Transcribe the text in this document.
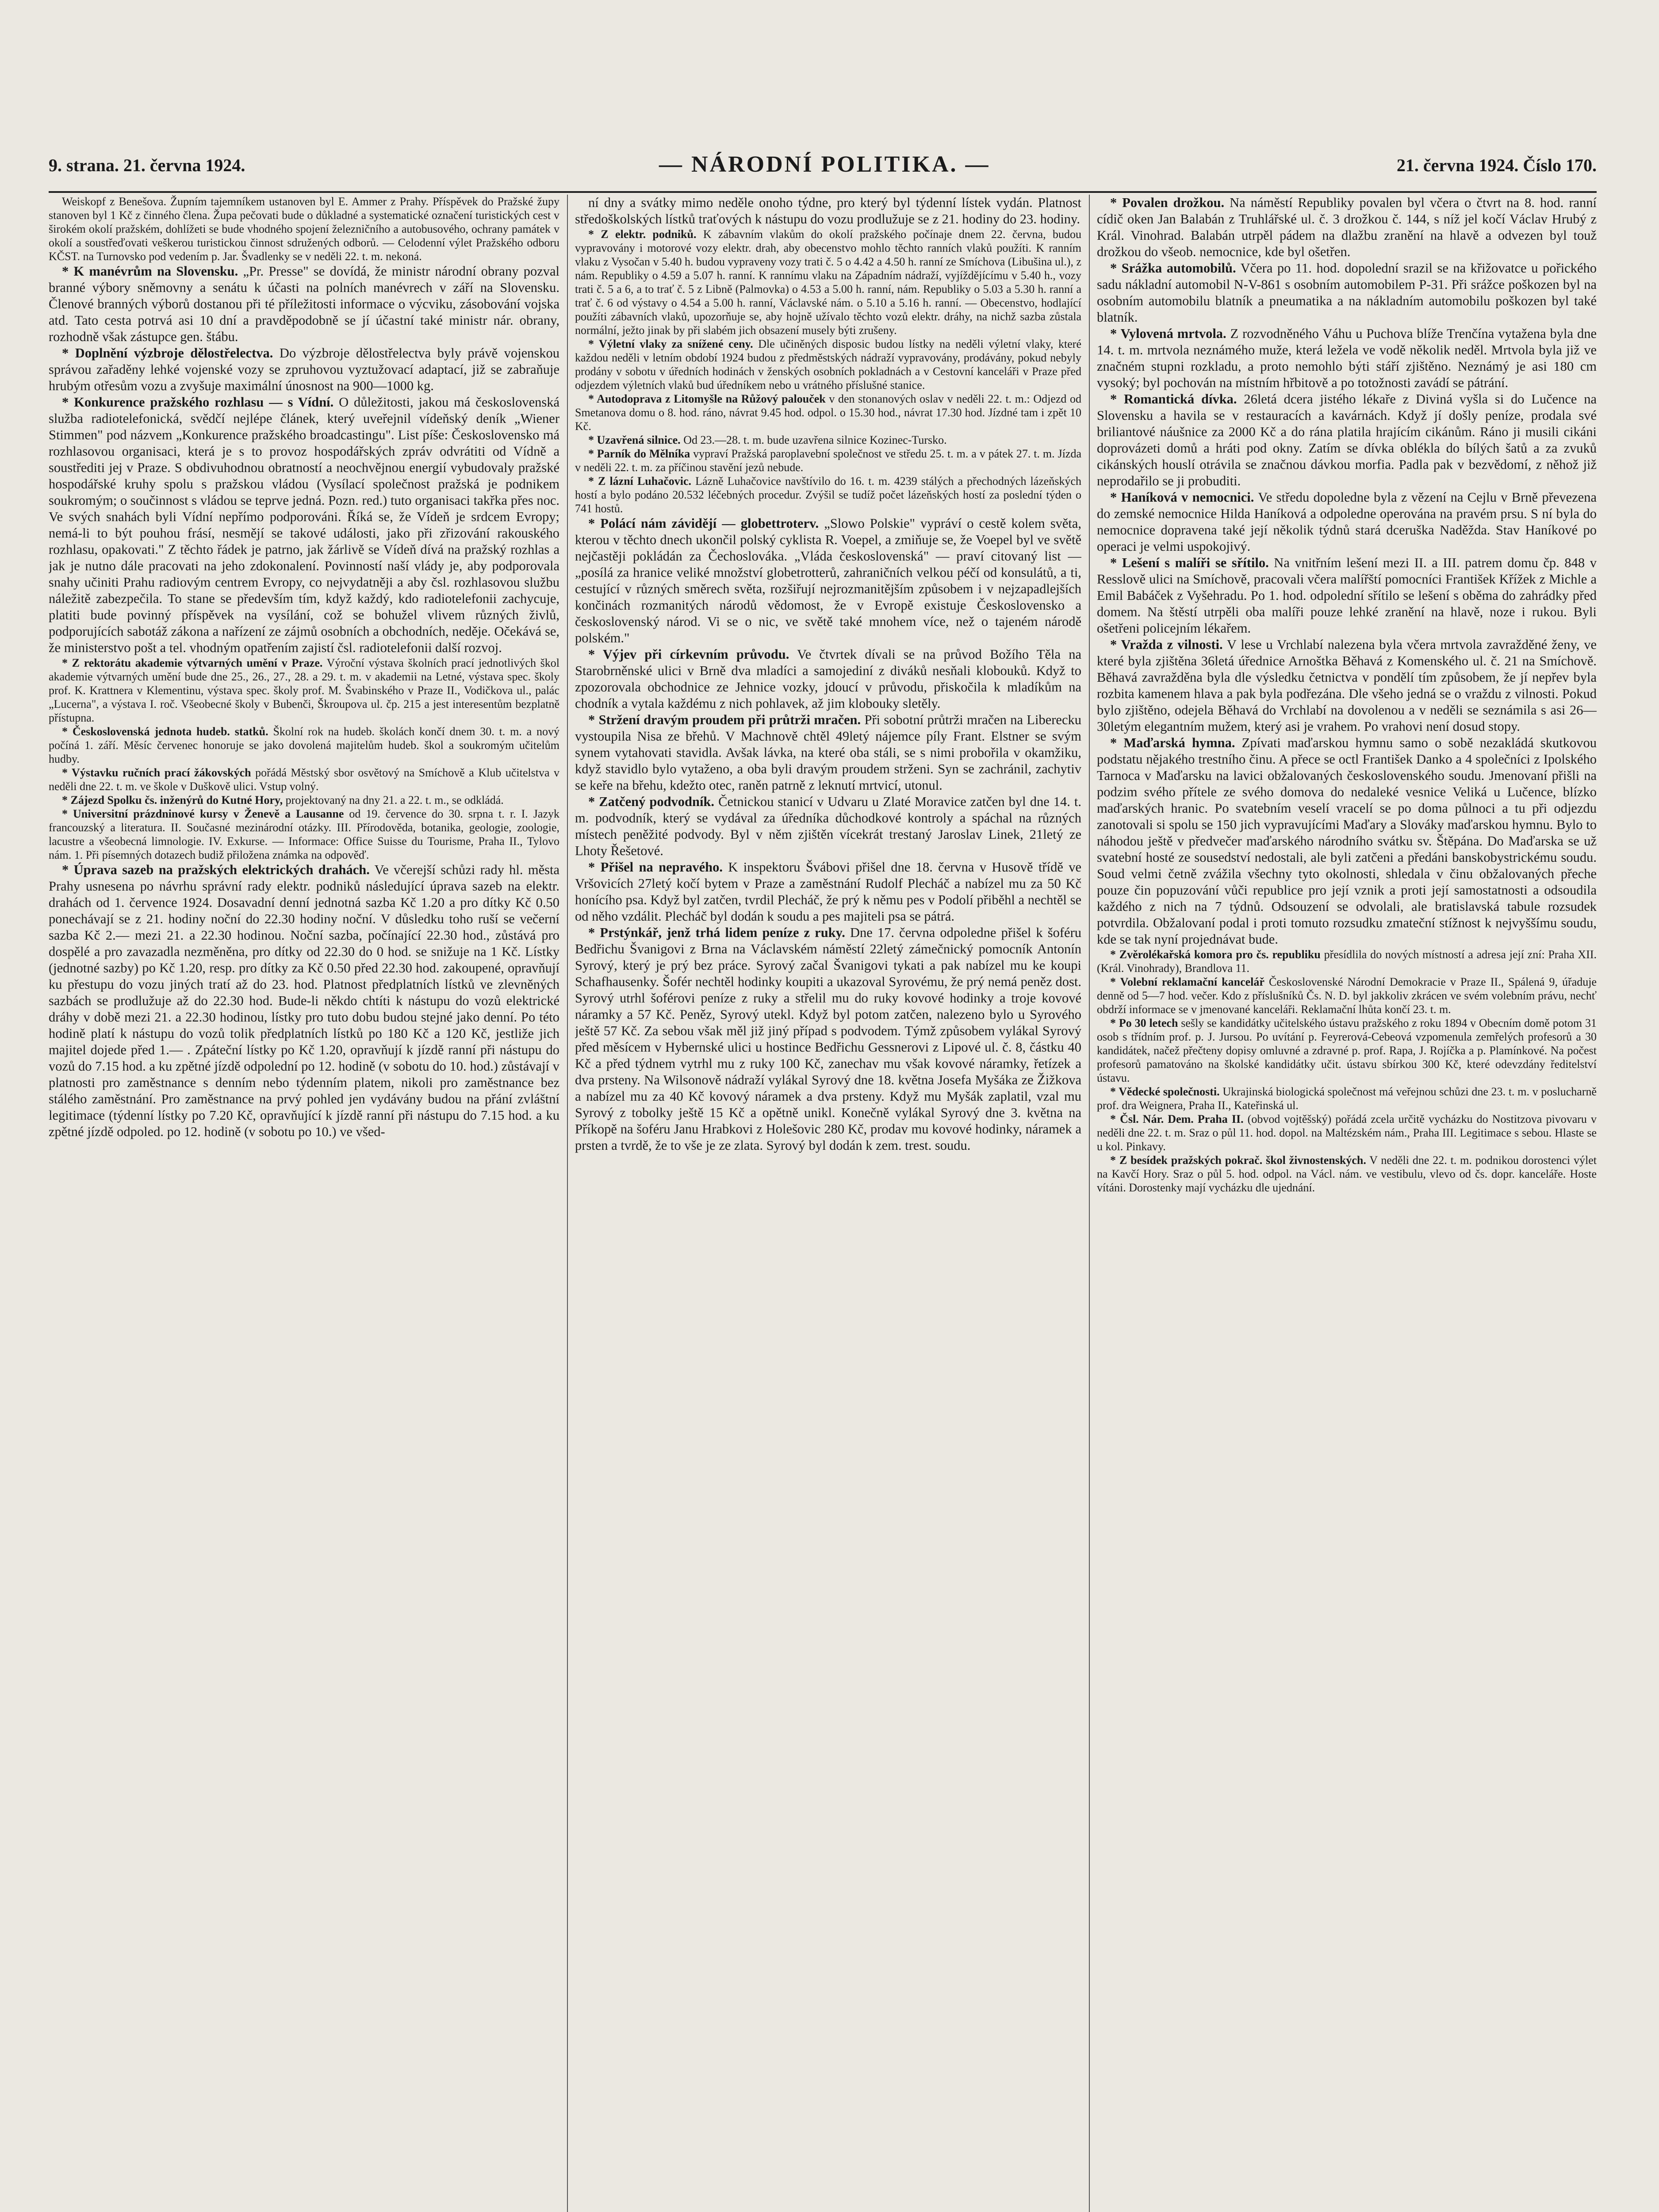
9. strana. 21. června 1924.	— NÁRODNÍ POLITIKA. —	21. června 1924. Číslo 170.

Weiskopf z Benešova. Župním tajemníkem ustanoven byl E. Ammer z Prahy. Příspěvek do Pražské župy stanoven byl 1 Kč z činného člena. Župa pečovati bude o důkladné a systematické označení turistických cest v širokém okolí pražském, dohlížeti se bude vhodného spojení železničního a autobusového, ochrany památek v okolí a soustřeďovati veškerou turistickou činnost sdružených odborů. — Celodenní výlet Pražského odboru KČST. na Turnovsko pod vedením p. Jar. Švadlenky se v neděli 22. t. m. nekoná.

* K manévrům na Slovensku. „Pr. Presse" se dovídá, že ministr národní obrany pozval branné výbory sněmovny a senátu k účasti na polních manévrech v září na Slovensku. Členové branných výborů dostanou při té příležitosti informace o výcviku, zásobování vojska atd. Tato cesta potrvá asi 10 dní a pravděpodobně se jí účastní také ministr nár. obrany, rozhodně však zástupce gen. štábu.

* Doplnění výzbroje dělostřelectva. Do výzbroje dělostřelectva byly právě vojenskou správou zařaděny lehké vojenské vozy se zpruhovou vyztužovací adaptací, již se zabraňuje hrubým otřesům vozu a zvyšuje maximální únosnost na 900—1000 kg.

* Konkurence pražského rozhlasu — s Vídní. O důležitosti, jakou má československá služba radiotelefonická, svědčí nejlépe článek, který uveřejnil vídeňský deník „Wiener Stimmen" pod názvem „Konkurence pražského broadcastingu". List píše: Československo má rozhlasovou organisaci, která je s to provoz hospodářských zpráv odvrátiti od Vídně a soustřediti jej v Praze. S obdivuhodnou obratností a neochvějnou energií vybudovaly pražské hospodářské kruhy spolu s pražskou vládou (Vysílací společnost pražská je podnikem soukromým; o součinnost s vládou se teprve jedná. Pozn. red.) tuto organisaci takřka přes noc. Ve svých snahách byli Vídní nepřímo podporováni. Říká se, že Vídeň je srdcem Evropy; nemá-li to být pouhou frásí, nesmějí se takové události, jako při zřizování rakouského rozhlasu, opakovati." Z těchto řádek je patrno, jak žárlivě se Vídeň dívá na pražský rozhlas a jak je nutno dále pracovati na jeho zdokonalení. Povinností naší vlády je, aby podporovala snahy učiniti Prahu radiovým centrem Evropy, co nejvydatněji a aby čsl. rozhlasovou službu náležitě zabezpečila. To stane se především tím, když každý, kdo radiotelefonii zachycuje, platiti bude povinný příspěvek na vysílání, což se bohužel vlivem různých živlů, podporujících sabotáž zákona a nařízení ze zájmů osobních a obchodních, neděje. Očekává se, že ministerstvo pošt a tel. vhodným opatřením zajistí čsl. radiotelefonii další rozvoj.

* Z rektorátu akademie výtvarných umění v Praze. Výroční výstava školních prací jednotlivých škol akademie výtvarných umění bude dne 25., 26., 27., 28. a 29. t. m. v akademii na Letné, výstava spec. školy prof. K. Krattnera v Klementinu, výstava spec. školy prof. M. Švabinského v Praze II., Vodičkova ul., palác „Lucerna", a výstava I. roč. Všeobecné školy v Bubenči, Škroupova ul. čp. 215 a jest interesentům bezplatně přístupna.

* Československá jednota hudeb. statků. Školní rok na hudeb. školách končí dnem 30. t. m. a nový počíná 1. září. Měsíc červenec honoruje se jako dovolená majitelům hudeb. škol a soukromým učitelům hudby.

* Výstavku ručních prací žákovských pořádá Městský sbor osvětový na Smíchově a Klub učitelstva v neděli dne 22. t. m. ve škole v Duškově ulici. Vstup volný.

* Zájezd Spolku čs. inženýrů do Kutné Hory, projektovaný na dny 21. a 22. t. m., se odkládá.

* Universitní prázdninové kursy v Ženevě a Lausanne od 19. července do 30. srpna t. r. I. Jazyk francouzský a literatura. II. Současné mezinárodní otázky. III. Přírodověda, botanika, geologie, zoologie, lacustre a všeobecná limnologie. IV. Exkurse. — Informace: Office Suisse du Tourisme, Praha II., Tylovo nám. 1. Při písemných dotazech budiž přiložena známka na odpověď.

* Úprava sazeb na pražských elektrických drahách. Ve včerejší schůzi rady hl. města Prahy usnesena po návrhu správní rady elektr. podniků následující úprava sazeb na elektr. drahách od 1. července 1924. Dosavadní denní jednotná sazba Kč 1.20 a pro dítky Kč 0.50 ponechávají se z 21. hodiny noční do 22.30 hodiny noční. V důsledku toho ruší se večerní sazba Kč 2.— mezi 21. a 22.30 hodinou. Noční sazba, počínající 22.30 hod., zůstává pro dospělé a pro zavazadla nezměněna, pro dítky od 22.30 do 0 hod. se snižuje na 1 Kč. Lístky (jednotné sazby) po Kč 1.20, resp. pro dítky za Kč 0.50 před 22.30 hod. zakoupené, opravňují ku přestupu do vozu jiných tratí až do 23. hod. Platnost předplatních lístků ve zlevněných sazbách se prodlužuje až do 22.30 hod. Bude-li někdo chtíti k nástupu do vozů elektrické dráhy v době mezi 21. a 22.30 hodinou, lístky pro tuto dobu budou stejné jako denní. Po této hodině platí k nástupu do vozů tolik předplatních lístků po 180 Kč a 120 Kč, jestliže jich majitel dojede před 1.— . Zpáteční lístky po Kč 1.20, opravňují k jízdě ranní při nástupu do vozů do 7.15 hod. a ku zpětné jízdě odpolední po 12. hodině (v sobotu do 10. hod.) zůstávají v platnosti pro zaměstnance s denním nebo týdenním platem, nikoli pro zaměstnance bez stálého zaměstnání. Pro zaměstnance na prvý pohled jen vydávány budou na přání zvláštní legitimace (týdenní lístky po 7.20 Kč, opravňující k jízdě ranní při nástupu do 7.15 hod. a ku zpětné jízdě odpoled. po 12. hodině (v sobotu po 10.) ve všed-

ní dny a svátky mimo neděle onoho týdne, pro který byl týdenní lístek vydán. Platnost středoškolských lístků traťových k nástupu do vozu prodlužuje se z 21. hodiny do 23. hodiny.

* Z elektr. podniků. K zábavním vlakům do okolí pražského počínaje dnem 22. června, budou vypravovány i motorové vozy elektr. drah, aby obecenstvo mohlo těchto ranních vlaků použíti. K ranním vlaku z Vysočan v 5.40 h. budou vypraveny vozy trati č. 5 o 4.42 a 4.50 h. ranní ze Smíchova (Libušina ul.), z nám. Republiky o 4.59 a 5.07 h. ranní. K rannímu vlaku na Západním nádraží, vyjíždějícímu v 5.40 h., vozy trati č. 5 a 6, a to trať č. 5 z Libně (Palmovka) o 4.53 a 5.00 h. ranní, nám. Republiky o 5.03 a 5.30 h. ranní a trať č. 6 od výstavy o 4.54 a 5.00 h. ranní, Václavské nám. o 5.10 a 5.16 h. ranní. — Obecenstvo, hodlající použíti zábavních vlaků, upozorňuje se, aby hojně užívalo těchto vozů elektr. dráhy, na nichž sazba zůstala normální, ježto jinak by při slabém jich obsazení musely býti zrušeny.

* Výletní vlaky za snížené ceny. Dle učiněných disposic budou lístky na neděli výletní vlaky, které každou neděli v letním období 1924 budou z předměstských nádraží vypravovány, prodávány, pokud nebyly prodány v sobotu v úředních hodinách v ženských osobních pokladnách a v Cestovní kanceláři v Praze před odjezdem výletních vlaků bud úředníkem nebo u vrátného příslušné stanice.

* Autodoprava z Litomyšle na Růžový palouček v den stonanových oslav v neděli 22. t. m.: Odjezd od Smetanova domu o 8. hod. ráno, návrat 9.45 hod. odpol. o 15.30 hod., návrat 17.30 hod. Jízdné tam i zpět 10 Kč.

* Uzavřená silnice. Od 23.—28. t. m. bude uzavřena silnice Kozinec-Tursko.

* Parník do Mělníka vypraví Pražská paroplavební společnost ve středu 25. t. m. a v pátek 27. t. m. Jízda v neděli 22. t. m. za příčinou stavění jezů nebude.

* Z lázní Luhačovic. Lázně Luhačovice navštívilo do 16. t. m. 4239 stálých a přechodných lázeňských hostí a bylo podáno 20.532 léčebných procedur. Zvýšil se tudíž počet lázeňských hostí za poslední týden o 741 hostů.

* Polácí nám závidějí — globettroterv. „Slowo Polskie" vypráví o cestě kolem světa, kterou v těchto dnech ukončil polský cyklista R. Voepel, a zmiňuje se, že Voepel byl ve světě nejčastěji pokládán za Čechoslováka. „Vláda československá" — praví citovaný list — „posílá za hranice veliké množství globetrotterů, zahraničních velkou péčí od konsulátů, a ti, cestující v různých směrech světa, rozšiřují nejrozmanitějším způsobem i v nejzapadlejších končinách rozmanitých národů vědomost, že v Evropě existuje Československo a československý národ. Vi se o nic, ve světě také mnohem více, než o tajeném národě polském."

* Výjev při církevním průvodu. Ve čtvrtek dívali se na průvod Božího Těla na Starobrněnské ulici v Brně dva mladíci a samojediní z diváků nesňali klobouků. Když to zpozorovala obchodnice ze Jehnice vozky, jdoucí v průvodu, přiskočila k mladíkům na chodník a vytala každému z nich pohlavek, až jim klobouky sletěly.

* Stržení dravým proudem při průtrži mračen. Při sobotní průtrži mračen na Liberecku vystoupila Nisa ze břehů. V Machnově chtěl 49letý nájemce píly Frant. Elstner se svým synem vytahovati stavidla. Avšak lávka, na které oba stáli, se s nimi probořila v okamžiku, když stavidlo bylo vytaženo, a oba byli dravým proudem strženi. Syn se zachránil, zachytiv se keře na břehu, kdežto otec, raněn patrně z leknutí mrtvicí, utonul.

* Zatčený podvodník. Četnickou stanicí v Udvaru u Zlaté Moravice zatčen byl dne 14. t. m. podvodník, který se vydával za úředníka důchodkové kontroly a spáchal na různých místech peněžité podvody. Byl v něm zjištěn vícekrát trestaný Jaroslav Linek, 21letý ze Lhoty Řešetové.

* Přišel na nepravého. K inspektoru Švábovi přišel dne 18. června v Husově třídě ve Vršovicích 27letý kočí bytem v Praze a zaměstnání Rudolf Plecháč a nabízel mu za 50 Kč honícího psa. Když byl zatčen, tvrdil Plecháč, že prý k němu pes v Podolí přiběhl a nechtěl se od něho vzdálit. Plecháč byl dodán k soudu a pes majiteli psa se pátrá.

* Prstýnkář, jenž trhá lidem peníze z ruky. Dne 17. června odpoledne přišel k šoféru Bedřichu Švanigovi z Brna na Václavském náměstí 22letý zámečnický pomocník Antonín Syrový, který je prý bez práce. Syrový začal Švanigovi tykati a pak nabízel mu ke koupi Schafhausenky. Šofér nechtěl hodinky koupiti a ukazoval Syrovému, že prý nemá peněz dost. Syrový utrhl šoférovi peníze z ruky a střelil mu do ruky kovové hodinky a troje kovové náramky a 57 Kč. Peněz, Syrový utekl. Když byl potom zatčen, nalezeno bylo u Syrového ještě 57 Kč. Za sebou však měl již jiný případ s podvodem. Týmž způsobem vylákal Syrový před měsícem v Hybernské ulici u hostince Bedřichu Gessnerovi z Lipové ul. č. 8, částku 40 Kč a před týdnem vytrhl mu z ruky 100 Kč, zanechav mu však kovové náramky, řetízek a dva prsteny. Na Wilsonově nádraží vylákal Syrový dne 18. května Josefa Myšáka ze Žižkova a nabízel mu za 40 Kč kovový náramek a dva prsteny. Když mu Myšák zaplatil, vzal mu Syrový z tobolky ještě 15 Kč a opětně unikl. Konečně vylákal Syrový dne 3. května na Příkopě na šoféru Janu Hrabkovi z Holešovic 280 Kč, prodav mu kovové hodinky, náramek a prsten a tvrdě, že to vše je ze zlata. Syrový byl dodán k zem. trest. soudu.

* Povalen drožkou. Na náměstí Republiky povalen byl včera o čtvrt na 8. hod. ranní cídič oken Jan Balabán z Truhlářské ul. č. 3 drožkou č. 144, s níž jel kočí Václav Hrubý z Král. Vinohrad. Balabán utrpěl pádem na dlažbu zranění na hlavě a odvezen byl touž drožkou do všeob. nemocnice, kde byl ošetřen.

* Srážka automobilů. Včera po 11. hod. dopolední srazil se na křižovatce u pořického sadu nákladní automobil N-V-861 s osobním automobilem P-31. Při srážce poškozen byl na osobním automobilu blatník a pneumatika a na nákladním automobilu poškozen byl také blatník.

* Vylovená mrtvola. Z rozvodněného Váhu u Puchova blíže Trenčína vytažena byla dne 14. t. m. mrtvola neznámého muže, která ležela ve vodě několik neděl. Mrtvola byla již ve značném stupni rozkladu, a proto nemohlo býti stáří zjištěno. Neznámý je asi 180 cm vysoký; byl pochován na místním hřbitově a po totožnosti zavádí se pátrání.

* Romantická dívka. 26letá dcera jistého lékaře z Diviná vyšla si do Lučence na Slovensku a havila se v restauracích a kavárnách. Když jí došly peníze, prodala své briliantové náušnice za 2000 Kč a do rána platila hrajícím cikánům. Ráno ji musili cikáni doprovázeti domů a hráti pod okny. Zatím se dívka oblékla do bílých šatů a za zvuků cikánských houslí otrávila se značnou dávkou morfia. Padla pak v bezvědomí, z něhož již neprodařilo se ji probuditi.

* Haníková v nemocnici. Ve středu dopoledne byla z vězení na Cejlu v Brně převezena do zemské nemocnice Hilda Haníková a odpoledne operována na pravém prsu. S ní byla do nemocnice dopravena také její několik týdnů stará dceruška Naděžda. Stav Haníkové po operaci je velmi uspokojivý.

* Lešení s malíři se sřítilo. Na vnitřním lešení mezi II. a III. patrem domu čp. 848 v Resslově ulici na Smíchově, pracovali včera malířští pomocníci František Křížek z Michle a Emil Babáček z Vyšehradu. Po 1. hod. odpolední sřítilo se lešení s oběma do zahrádky před domem. Na štěstí utrpěli oba malíři pouze lehké zranění na hlavě, noze i rukou. Byli ošetřeni policejním lékařem.

* Vražda z vilnosti. V lese u Vrchlabí nalezena byla včera mrtvola zavražděné ženy, ve které byla zjištěna 36letá úřednice Arnoštka Běhavá z Komenského ul. č. 21 na Smíchově. Běhavá zavražděna byla dle výsledku četnictva v pondělí tím způsobem, že jí nepřev byla rozbita kamenem hlava a pak byla podřezána. Dle všeho jedná se o vraždu z vilnosti. Pokud bylo zjištěno, odejela Běhavá do Vrchlabí na dovolenou a v neděli se seznámila s asi 26—30letým elegantním mužem, který asi je vrahem. Po vrahovi není dosud stopy.

* Maďarská hymna. Zpívati maďarskou hymnu samo o sobě nezakládá skutkovou podstatu nějakého trestního činu. A přece se octl František Danko a 4 společníci z Ipolského Tarnoca v Maďarsku na lavici obžalovaných československého soudu. Jmenovaní přišli na podzim svého přítele ze svého domova do nedaleké vesnice Veliká u Lučence, blízko maďarských hranic. Po svatebním veselí vracelí se po doma půlnoci a tu při odjezdu zanotovali si spolu se 150 jich vypravujícími Maďary a Slováky maďarskou hymnu. Bylo to náhodou ještě v předvečer maďarského národního svátku sv. Štěpána. Do Maďarska se už svatební hosté ze sousedství nedostali, ale byli zatčeni a předáni banskobystrickému soudu. Soud velmi četně zvážila všechny tyto okolnosti, shledala v činu obžalovaných přeche pouze čin popuzování vůči republice pro její vznik a proti její samostatnosti a odsoudila každého z nich na 7 týdnů. Odsouzení se odvolali, ale bratislavská tabule rozsudek potvrdila. Obžalovaní podal i proti tomuto rozsudku zmateční stížnost k nejvyššímu soudu, kde se tak nyní projednávat bude.

* Zvěrolékařská komora pro čs. republiku přesídlila do nových místností a adresa její zní: Praha XII. (Král. Vinohrady), Brandlova 11.

* Volební reklamační kancelář Československé Národní Demokracie v Praze II., Spálená 9, úřaduje denně od 5—7 hod. večer. Kdo z příslušníků Čs. N. D. byl jakkoliv zkrácen ve svém volebním právu, nechť obdrží informace se v jmenované kanceláři. Reklamační lhůta končí 23. t. m.

* Po 30 letech sešly se kandidátky učitelského ústavu pražského z roku 1894 v Obecním domě potom 31 osob s třídním prof. p. J. Jursou. Po uvítání p. Feyrerová-Cebeová vzpomenula zemřelých profesorů a 30 kandidátek, načež přečteny dopisy omluvné a zdravné p. prof. Rapa, J. Rojíčka a p. Plamínkové. Na počest profesorů pamatováno na školské kandidátky učit. ústavu sbírkou 300 Kč, které odevzdány ředitelství ústavu.

* Vědecké společnosti. Ukrajinská biologická společnost má veřejnou schůzi dne 23. t. m. v poslucharně prof. dra Weignera, Praha II., Kateřinská ul.

* Čsl. Nár. Dem. Praha II. (obvod vojtěšský) pořádá zcela určitě vycházku do Nostitzova pivovaru v neděli dne 22. t. m. Sraz o půl 11. hod. dopol. na Maltézském nám., Praha III. Legitimace s sebou. Hlaste se u kol. Pinkavy.

* Z besídek pražských pokrač. škol živnostenských. V neděli dne 22. t. m. podnikou dorostenci výlet na Kavčí Hory. Sraz o půl 5. hod. odpol. na Václ. nám. ve vestibulu, vlevo od čs. dopr. kanceláře. Hoste vítáni. Dorostenky mají vycházku dle ujednání.
